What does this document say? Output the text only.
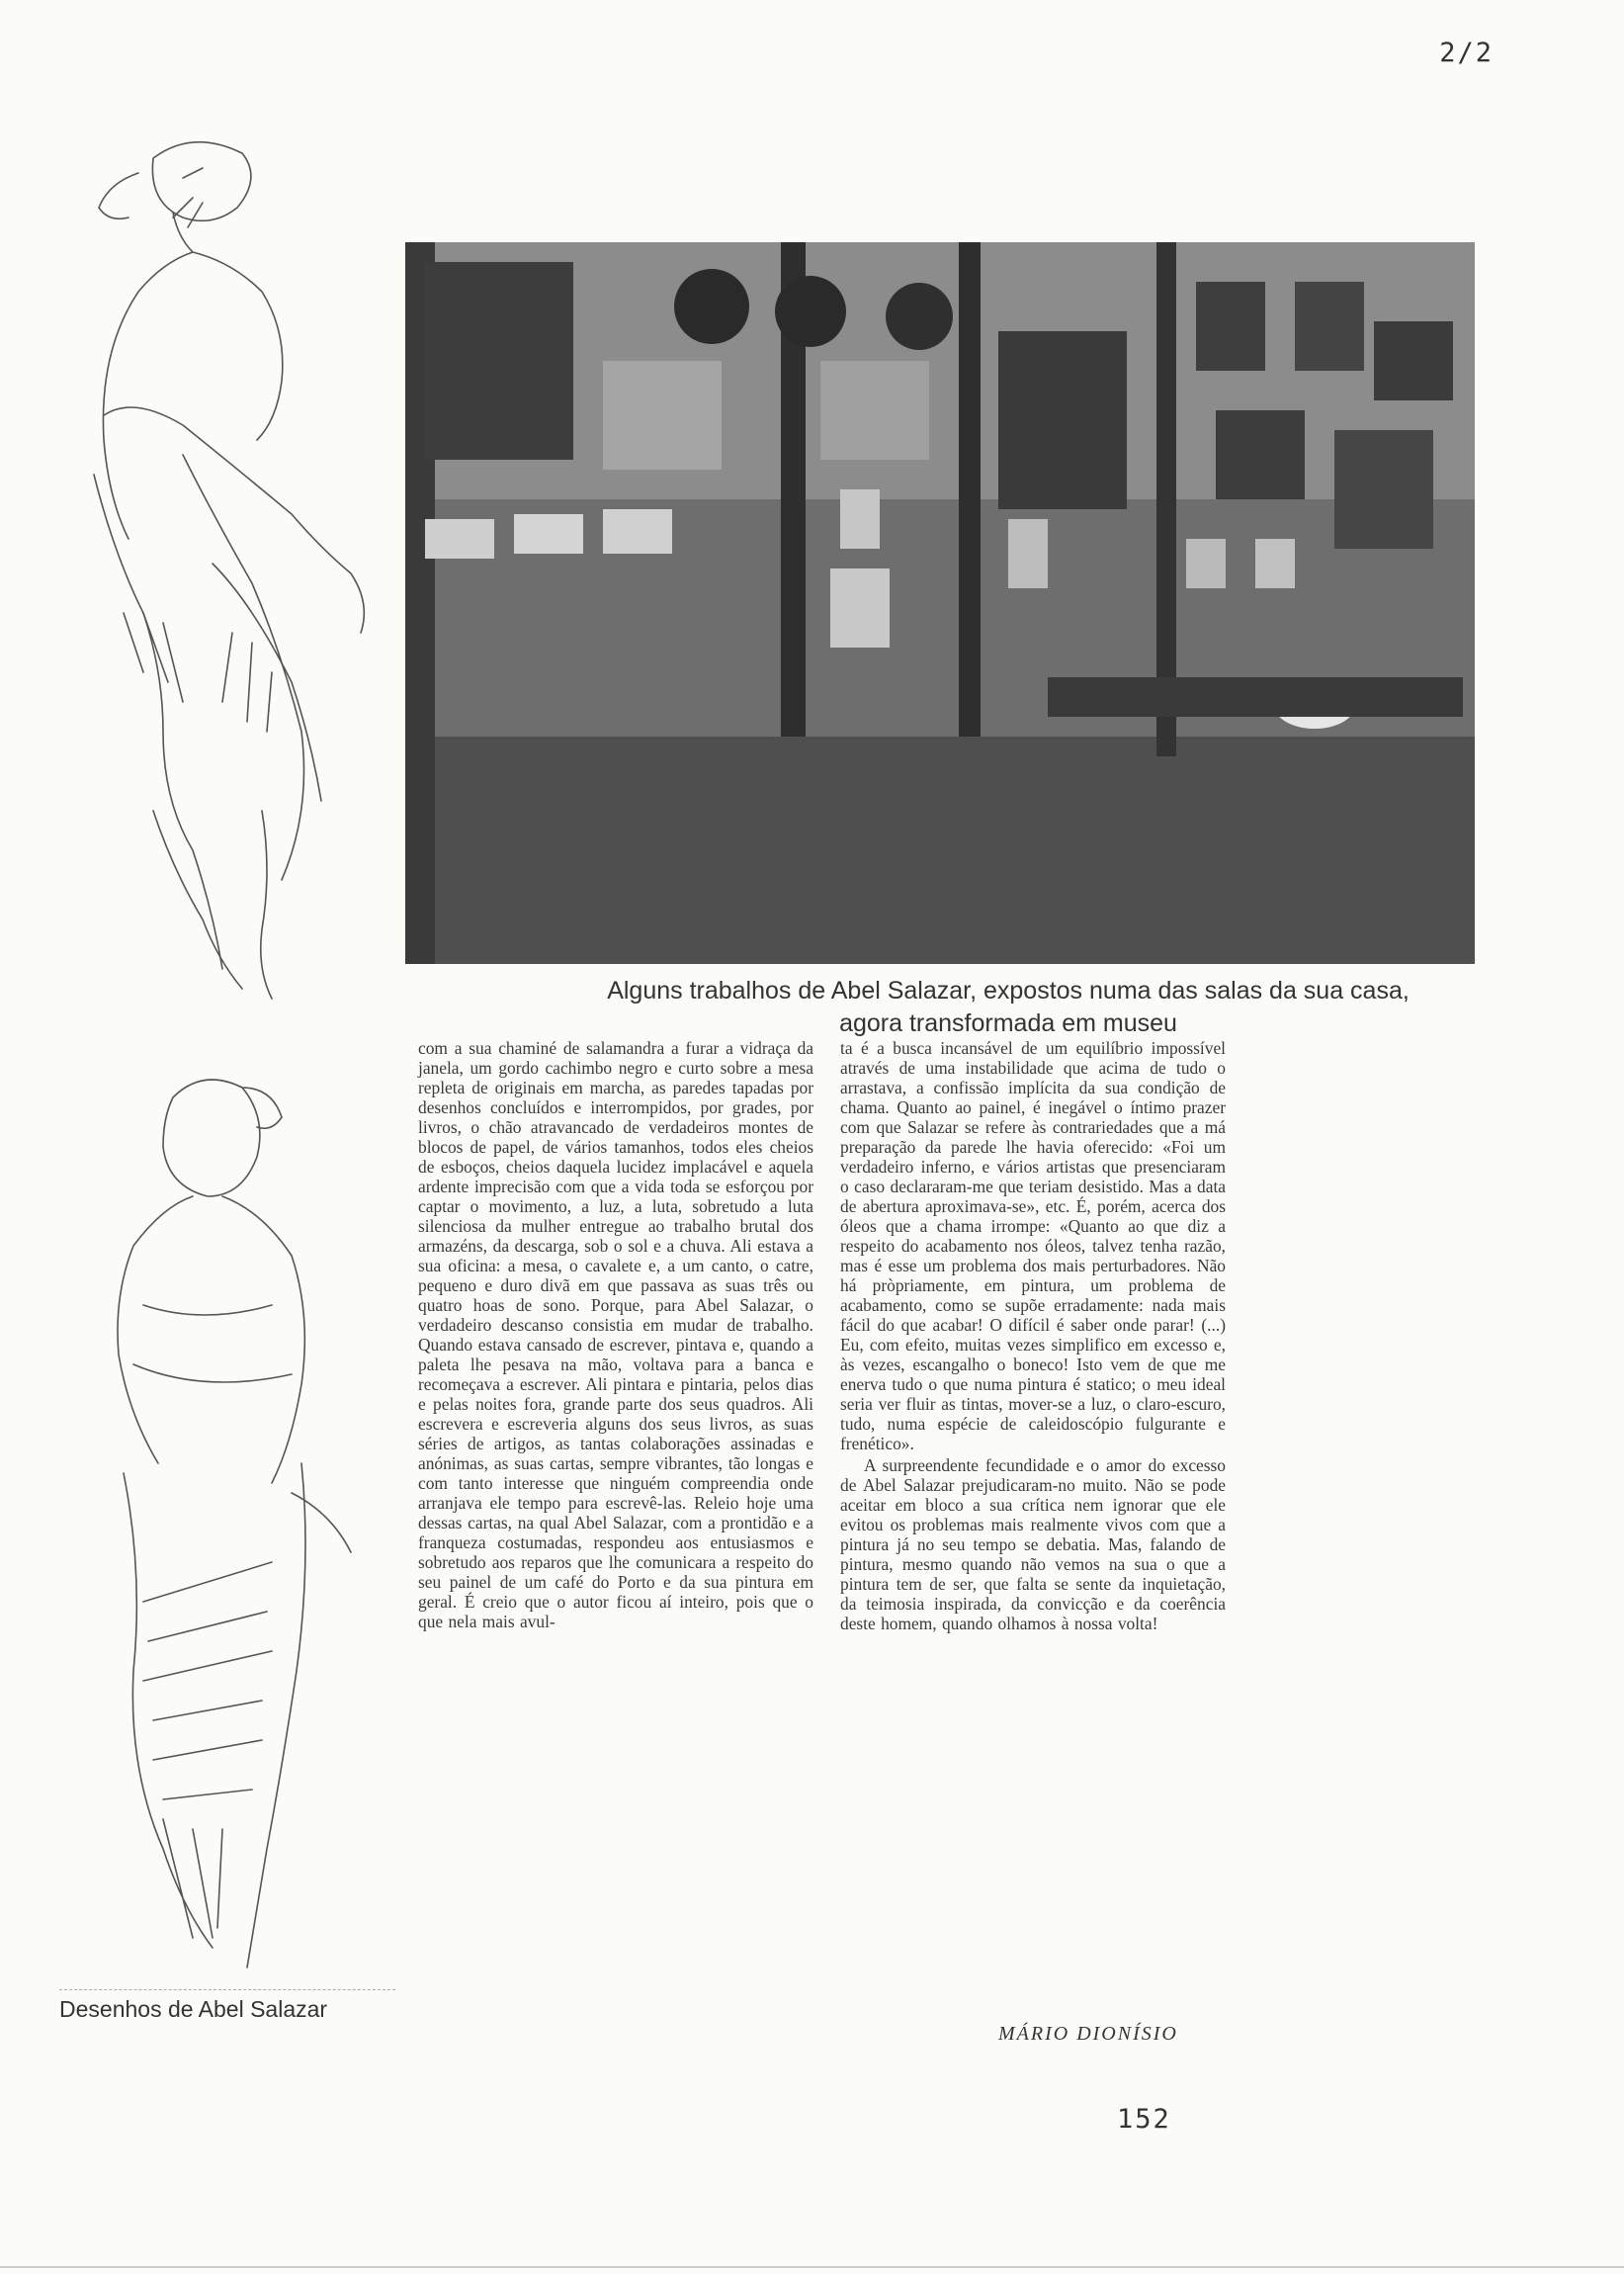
2/2
Desenhos de Abel Salazar
Alguns trabalhos de Abel Salazar, expostos numa das salas da sua casa,
agora transformada em museu

com a sua chaminé de salamandra a furar a vidraça da janela, um gordo cachimbo negro e curto sobre a mesa repleta de originais em marcha, as paredes tapadas por desenhos concluídos e interrompidos, por grades, por livros, o chão atravancado de verdadeiros montes de blocos de papel, de vários tamanhos, todos eles cheios de esboços, cheios daquela lucidez implacável e aquela ardente imprecisão com que a vida toda se esforçou por captar o movimento, a luz, a luta, sobretudo a luta silenciosa da mulher entregue ao trabalho brutal dos armazéns, da descarga, sob o sol e a chuva. Ali estava a sua oficina: a mesa, o cavalete e, a um canto, o catre, pequeno e duro divã em que passava as suas três ou quatro hoas de sono. Porque, para Abel Salazar, o verdadeiro descanso consistia em mudar de trabalho. Quando estava cansado de escrever, pintava e, quando a paleta lhe pesava na mão, voltava para a banca e recomeçava a escrever. Ali pintara e pintaria, pelos dias e pelas noites fora, grande parte dos seus quadros. Ali escrevera e escreveria alguns dos seus livros, as suas séries de artigos, as tantas colaborações assinadas e anónimas, as suas cartas, sempre vibrantes, tão longas e com tanto interesse que ninguém compreendia onde arranjava ele tempo para escrevê-las. Releio hoje uma dessas cartas, na qual Abel Salazar, com a prontidão e a franqueza costumadas, respondeu aos entusiasmos e sobretudo aos reparos que lhe comunicara a respeito do seu painel de um café do Porto e da sua pintura em geral. É creio que o autor ficou aí inteiro, pois que o que nela mais avul-

ta é a busca incansável de um equilíbrio impossível através de uma instabilidade que acima de tudo o arrastava, a confissão implícita da sua condição de chama. Quanto ao painel, é inegável o íntimo prazer com que Salazar se refere às contrariedades que a má preparação da parede lhe havia oferecido: «Foi um verdadeiro inferno, e vários artistas que presenciaram o caso declararam-me que teriam desistido. Mas a data de abertura aproximava-se», etc. É, porém, acerca dos óleos que a chama irrompe: «Quanto ao que diz a respeito do acabamento nos óleos, talvez tenha razão, mas é esse um problema dos mais perturbadores. Não há pròpriamente, em pintura, um problema de acabamento, como se supõe erradamente: nada mais fácil do que acabar! O difícil é saber onde parar! (...) Eu, com efeito, muitas vezes simplifico em excesso e, às vezes, escangalho o boneco! Isto vem de que me enerva tudo o que numa pintura é statico; o meu ideal seria ver fluir as tintas, mover-se a luz, o claro-escuro, tudo, numa espécie de caleidoscópio fulgurante e frenético».

A surpreendente fecundidade e o amor do excesso de Abel Salazar prejudicaram-no muito. Não se pode aceitar em bloco a sua crítica nem ignorar que ele evitou os problemas mais realmente vivos com que a pintura já no seu tempo se debatia. Mas, falando de pintura, mesmo quando não vemos na sua o que a pintura tem de ser, que falta se sente da inquietação, da teimosia inspirada, da convicção e da coerência deste homem, quando olhamos à nossa volta!

MÁRIO DIONÍSIO
152
